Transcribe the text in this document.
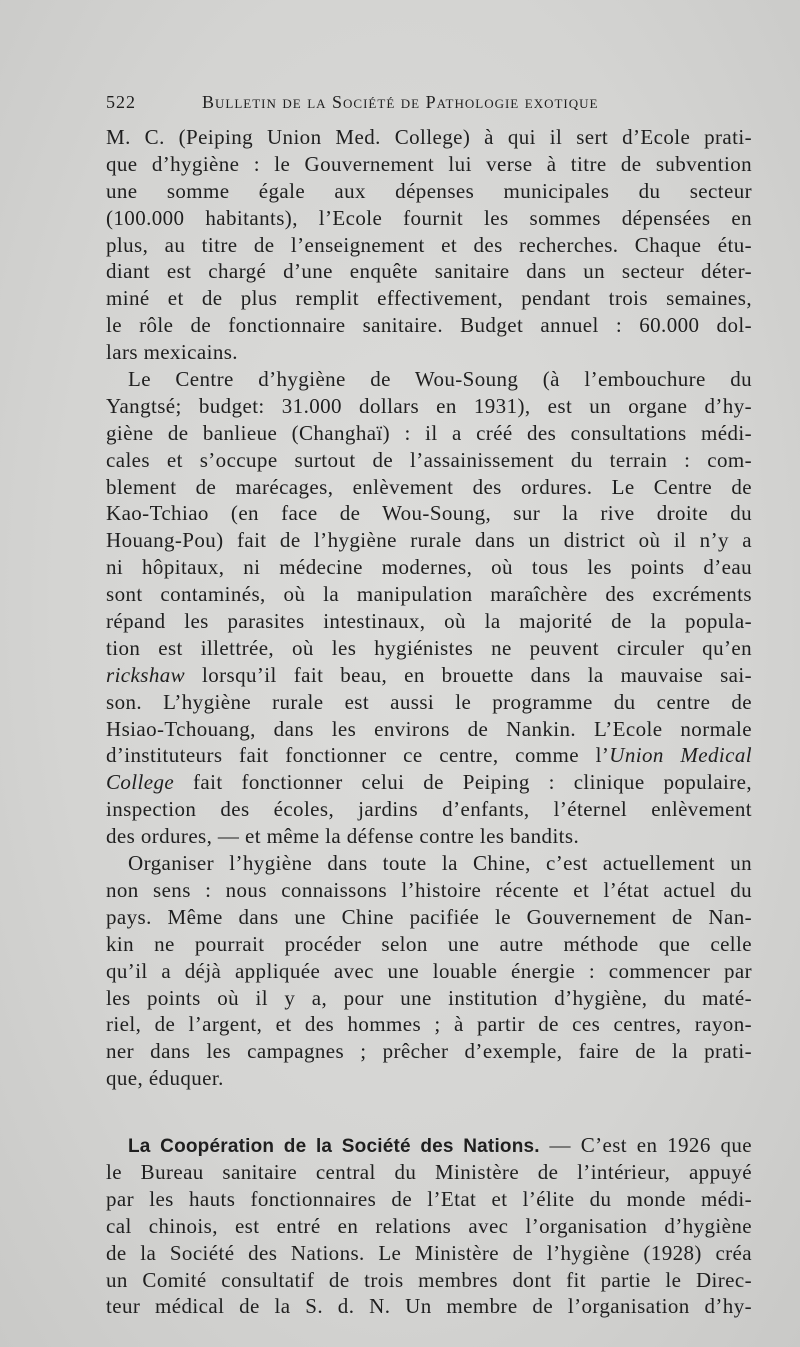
522	Bulletin de la Société de Pathologie exotique
M. C. (Peiping Union Med. College) à qui il sert d’Ecole prati-
que d’hygiène : le Gouvernement lui verse à titre de subvention
une somme égale aux dépenses municipales du secteur
(100.000 habitants), l’Ecole fournit les sommes dépensées en
plus, au titre de l’enseignement et des recherches. Chaque étu-
diant est chargé d’une enquête sanitaire dans un secteur déter-
miné et de plus remplit effectivement, pendant trois semaines,
le rôle de fonctionnaire sanitaire. Budget annuel : 60.000 dol-
lars mexicains.
Le Centre d’hygiène de Wou-Soung (à l’embouchure du
Yangtsé; budget: 31.000 dollars en 1931), est un organe d’hy-
giène de banlieue (Changhaï) : il a créé des consultations médi-
cales et s’occupe surtout de l’assainissement du terrain : com-
blement de marécages, enlèvement des ordures. Le Centre de
Kao-Tchiao (en face de Wou-Soung, sur la rive droite du
Houang-Pou) fait de l’hygiène rurale dans un district où il n’y a
ni hôpitaux, ni médecine modernes, où tous les points d’eau
sont contaminés, où la manipulation maraîchère des excréments
répand les parasites intestinaux, où la majorité de la popula-
tion est illettrée, où les hygiénistes ne peuvent circuler qu’en
rickshaw lorsqu’il fait beau, en brouette dans la mauvaise sai-
son. L’hygiène rurale est aussi le programme du centre de
Hsiao-Tchouang, dans les environs de Nankin. L’Ecole normale
d’instituteurs fait fonctionner ce centre, comme l’Union Medical
College fait fonctionner celui de Peiping : clinique populaire,
inspection des écoles, jardins d’enfants, l’éternel enlèvement
des ordures, — et même la défense contre les bandits.
Organiser l’hygiène dans toute la Chine, c’est actuellement un
non sens : nous connaissons l’histoire récente et l’état actuel du
pays. Même dans une Chine pacifiée le Gouvernement de Nan-
kin ne pourrait procéder selon une autre méthode que celle
qu’il a déjà appliquée avec une louable énergie : commencer par
les points où il y a, pour une institution d’hygiène, du maté-
riel, de l’argent, et des hommes ; à partir de ces centres, rayon-
ner dans les campagnes ; prêcher d’exemple, faire de la prati-
que, éduquer.
La Coopération de la Société des Nations. — C’est en 1926 que
le Bureau sanitaire central du Ministère de l’intérieur, appuyé
par les hauts fonctionnaires de l’Etat et l’élite du monde médi-
cal chinois, est entré en relations avec l’organisation d’hygiène
de la Société des Nations. Le Ministère de l’hygiène (1928) créa
un Comité consultatif de trois membres dont fit partie le Direc-
teur médical de la S. d. N. Un membre de l’organisation d’hy-
